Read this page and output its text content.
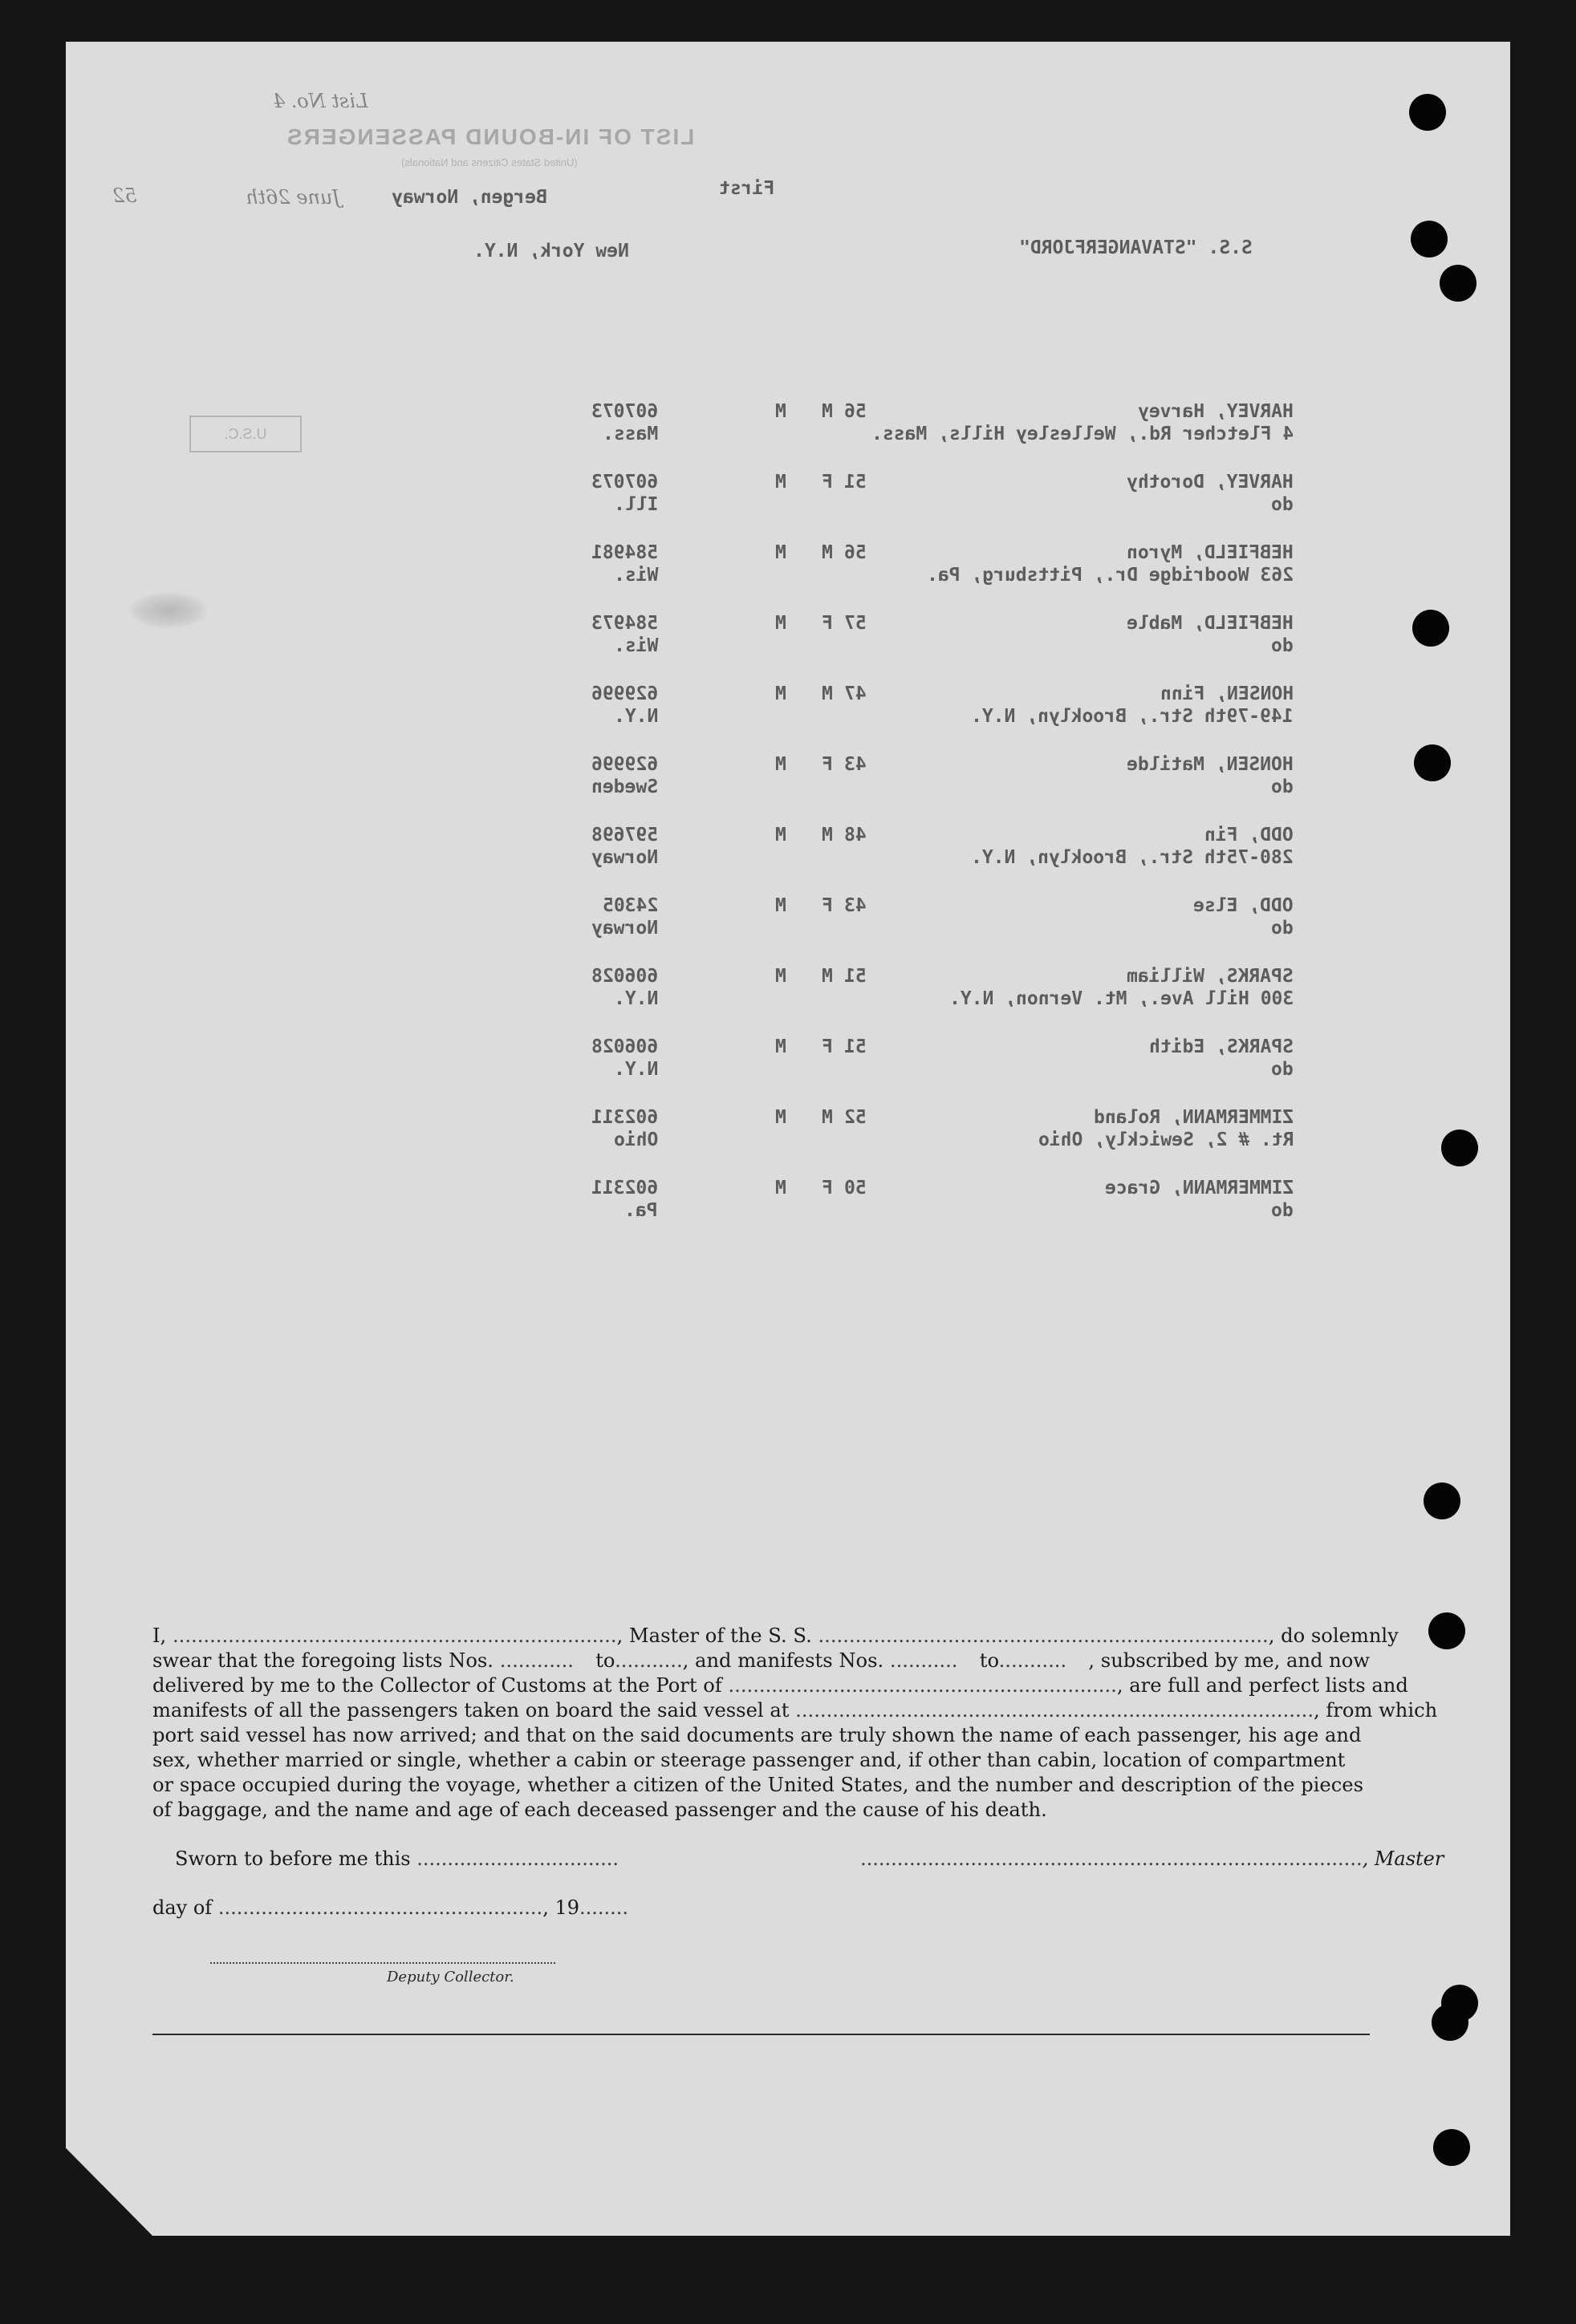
List No. 4
LIST OF IN-BOUND PASSENGERS
(United States Citizens and Nationals)
First
Bergen, Norway
June 26th
52
S.S. "STAVANGERFJORD"
New York, N.Y.
U.S.C.
HARVEY, Harvey
56
M
M
607073
4 Fletcher Rd., Wellesley Hills, Mass.
Mass.
HARVEY, Dorothy
51
F
M
607073
do
Ill.
HEBFIELD, Myron
56
M
M
584981
263 Woodridge Dr., Pittsburg, Pa.
Wis.
HEBFIELD, Mable
57
F
M
584973
do
Wis.
HONSEN, Finn
47
M
M
629996
149-79th Str., Brooklyn, N.Y.
N.Y.
HONSEN, Matilde
43
F
M
629996
do
Sweden
ODD, Fin
48
M
M
597698
280-75th Str., Brooklyn, N.Y.
Norway
ODD, Else
43
F
M
24305
do
Norway
SPARKS, William
51
M
M
606028
300 Hill Ave., Mt. Vernon, N.Y.
N.Y.
SPARKS, Edith
51
F
M
606028
do
N.Y.
ZIMMERMANN, Roland
52
M
M
602311
Rt. # 2, Sewickly, Ohio
Ohio
ZIMMERMANN, Grace
50
F
M
602311
do
Pa.
I, ........................................................................ , Master of the S. S. ......................................................................... , do solemnly
swear that the foregoing lists Nos. ............ to..........., and manifests Nos. ........... to........... , subscribed by me, and now
delivered by me to the Collector of Customs at the Port of ............................................................... , are full and perfect lists and
manifests of all the passengers taken on board the said vessel at .................................................................................... , from which
port said vessel has now arrived; and that on the said documents are truly shown the name of each passenger, his age and
sex, whether married or single, whether a cabin or steerage passenger and, if other than cabin, location of compartment
or space occupied during the voyage, whether a citizen of the United States, and the number and description of the pieces
of baggage, and the name and age of each deceased passenger and the cause of his death.
Sworn to before me this .................................	.................................................................................., Master
day of ....................................................., 19........
Deputy Collector.
